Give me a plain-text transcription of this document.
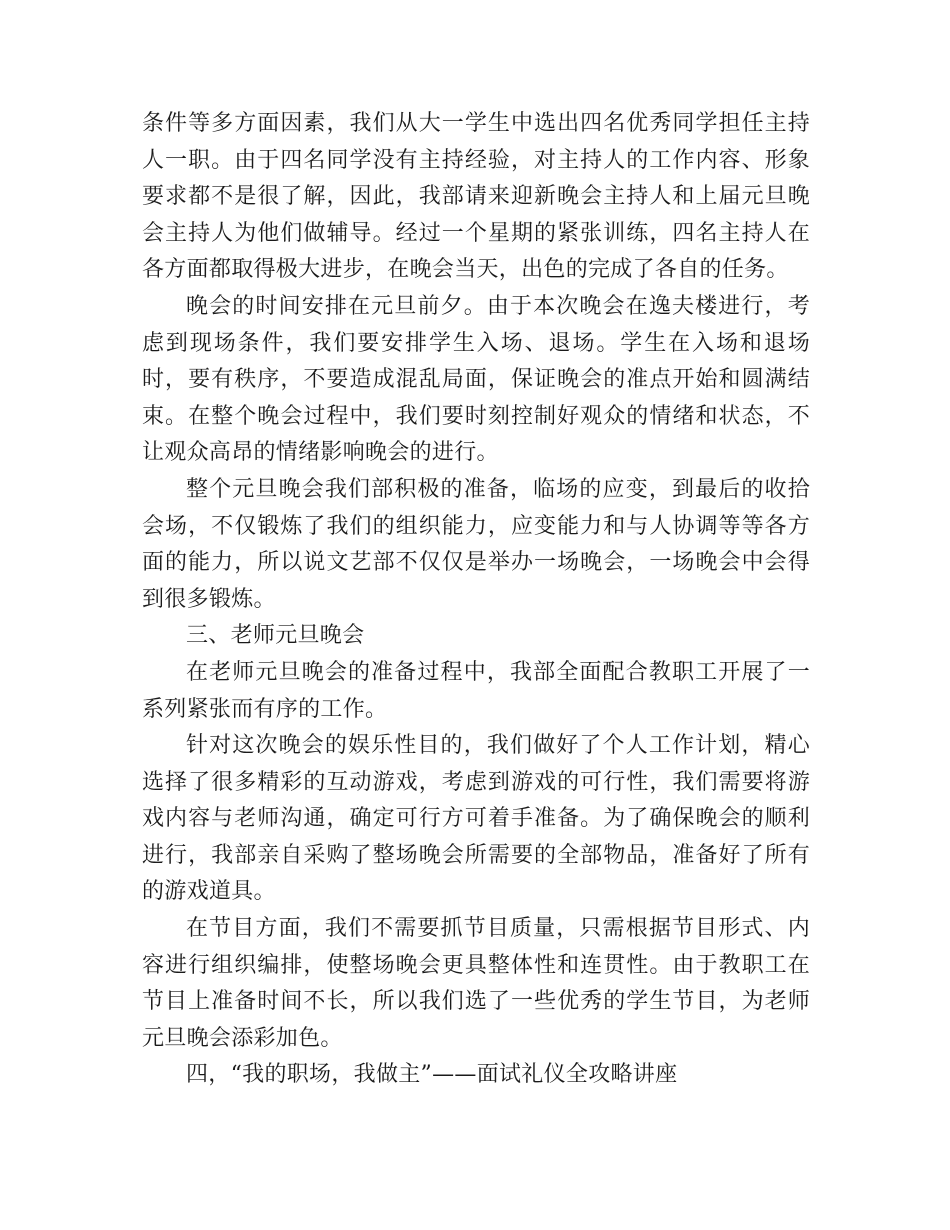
条件等多方面因素，我们从大一学生中选出四名优秀同学担任主持人一职。由于四名同学没有主持经验，对主持人的工作内容、形象要求都不是很了解，因此，我部请来迎新晚会主持人和上届元旦晚会主持人为他们做辅导。经过一个星期的紧张训练，四名主持人在各方面都取得极大进步，在晚会当天，出色的完成了各自的任务。

晚会的时间安排在元旦前夕。由于本次晚会在逸夫楼进行，考虑到现场条件，我们要安排学生入场、退场。学生在入场和退场时，要有秩序，不要造成混乱局面，保证晚会的准点开始和圆满结束。在整个晚会过程中，我们要时刻控制好观众的情绪和状态，不让观众高昂的情绪影响晚会的进行。

整个元旦晚会我们部积极的准备，临场的应变，到最后的收拾会场，不仅锻炼了我们的组织能力，应变能力和与人协调等等各方面的能力，所以说文艺部不仅仅是举办一场晚会，一场晚会中会得到很多锻炼。

三、老师元旦晚会

在老师元旦晚会的准备过程中，我部全面配合教职工开展了一系列紧张而有序的工作。

针对这次晚会的娱乐性目的，我们做好了个人工作计划，精心选择了很多精彩的互动游戏，考虑到游戏的可行性，我们需要将游戏内容与老师沟通，确定可行方可着手准备。为了确保晚会的顺利进行，我部亲自采购了整场晚会所需要的全部物品，准备好了所有的游戏道具。

在节目方面，我们不需要抓节目质量，只需根据节目形式、内容进行组织编排，使整场晚会更具整体性和连贯性。由于教职工在节目上准备时间不长，所以我们选了一些优秀的学生节目，为老师元旦晚会添彩加色。

四，“我的职场，我做主”——面试礼仪全攻略讲座
